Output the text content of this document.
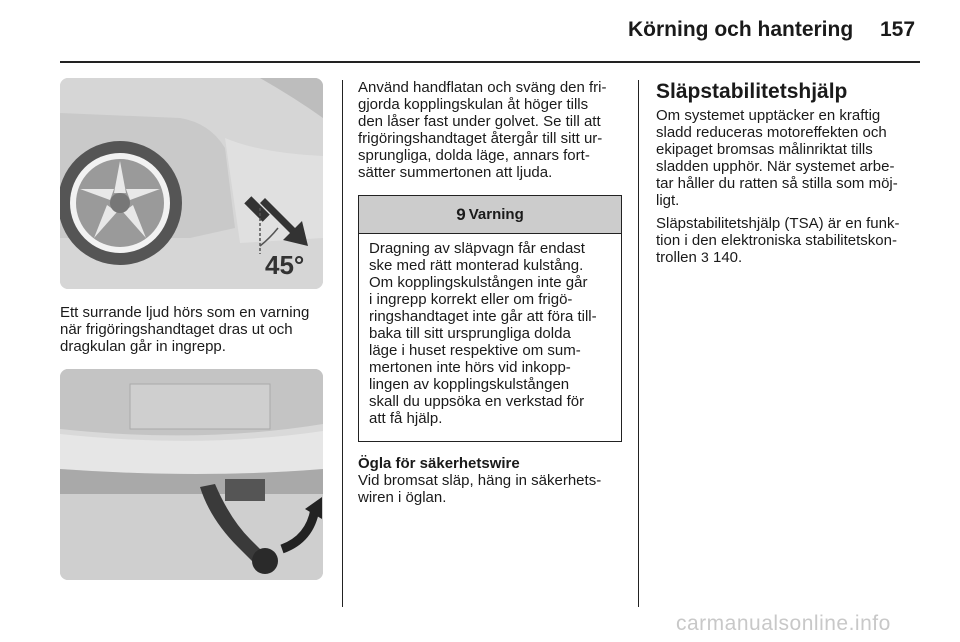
Körning och hantering 157
45°

Ett surrande ljud hörs som en varning

när frigöringshandtaget dras ut och

dragkulan går in ingrepp.

Använd handflatan och sväng den fri-

gjorda kopplingskulan åt höger tills

den låser fast under golvet. Se till att

frigöringshandtaget återgår till sitt ur-

sprungliga, dolda läge, annars fort-

sätter summertonen att ljuda.

9 Varning
Dragning av släpvagn får endast
ske med rätt monterad kulstång.
Om kopplingskulstången inte går
i ingrepp korrekt eller om frigö-
ringshandtaget inte går att föra till-
baka till sitt ursprungliga dolda
läge i huset respektive om sum-
mertonen inte hörs vid inkopp-
lingen av kopplingskulstången
skall du uppsöka en verkstad för
att få hjälp.

Ögla för säkerhetswire

Vid bromsat släp, häng in säkerhets-

wiren i öglan.

Släpstabilitetshjälp

Om systemet upptäcker en kraftig

sladd reduceras motoreffekten och

ekipaget bromsas målinriktat tills

sladden upphör. När systemet arbe-

tar håller du ratten så stilla som möj-

ligt.

Släpstabilitetshjälp (TSA) är en funk-

tion i den elektroniska stabilitetskon-

trollen 3 140.

carmanualsonline.info
